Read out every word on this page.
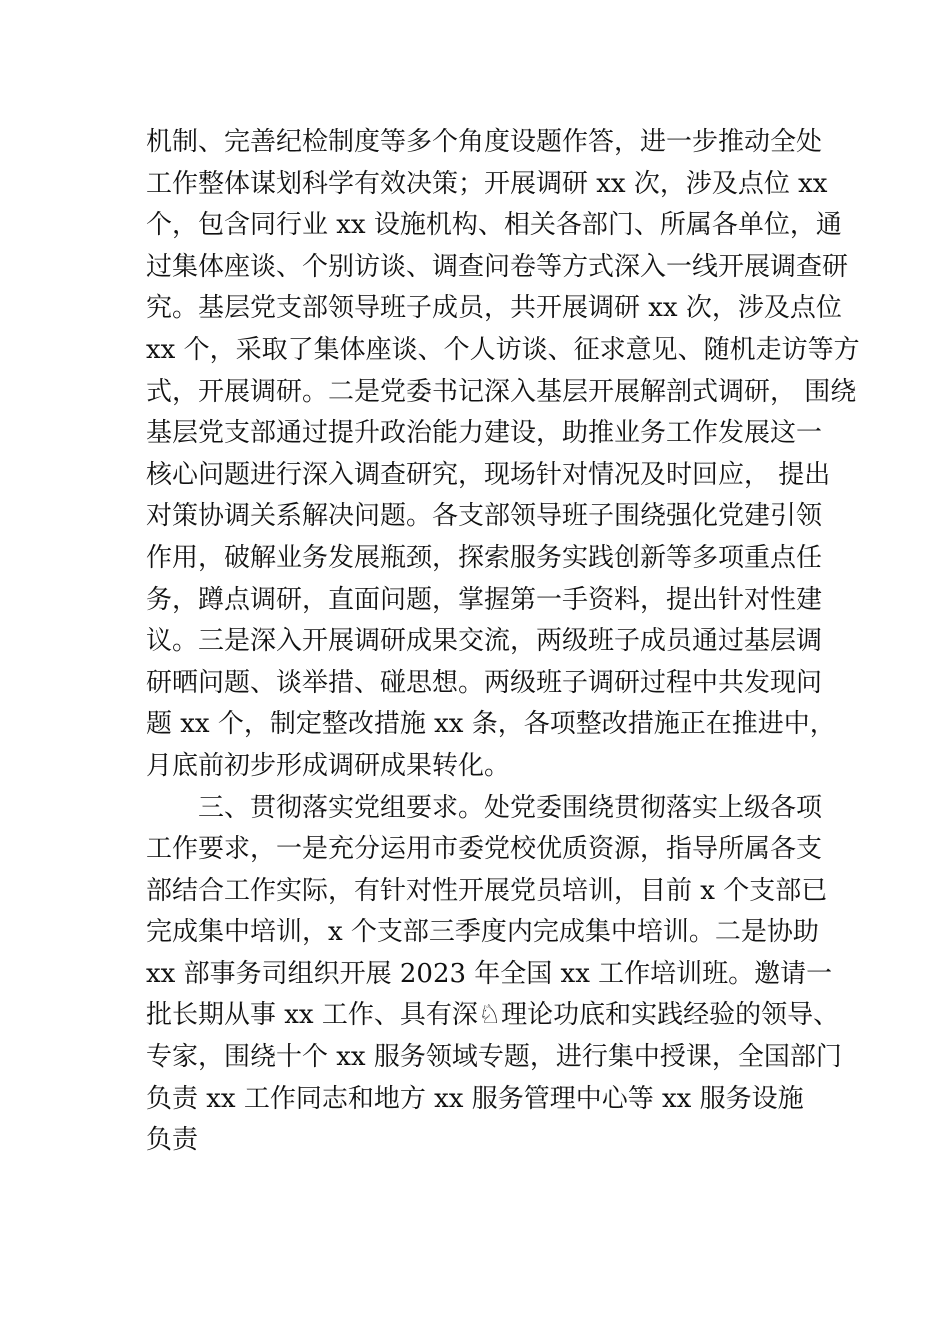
机制、完善纪检制度等多个角度设题作答，进一步推动全处
工作整体谋划科学有效决策；开展调研 xx 次，涉及点位 xx
个，包含同行业 xx 设施机构、相关各部门、所属各单位，通
过集体座谈、个别访谈、调查问卷等方式深入一线开展调查研
究。基层党支部领导班子成员，共开展调研 xx 次，涉及点位
xx 个，采取了集体座谈、个人访谈、征求意见、随机走访等方
式，开展调研。二是党委书记深入基层开展解剖式调研， 围绕
基层党支部通过提升政治能力建设，助推业务工作发展这一
核心问题进行深入调查研究，现场针对情况及时回应， 提出
对策协调关系解决问题。各支部领导班子围绕强化党建引领
作用，破解业务发展瓶颈，探索服务实践创新等多项重点任
务，蹲点调研，直面问题，掌握第一手资料，提出针对性建
议。三是深入开展调研成果交流，两级班子成员通过基层调
研晒问题、谈举措、碰思想。两级班子调研过程中共发现问
题 xx 个，制定整改措施 xx 条，各项整改措施正在推进中，
月底前初步形成调研成果转化。
三、贯彻落实党组要求。处党委围绕贯彻落实上级各项
工作要求，一是充分运用市委党校优质资源，指导所属各支
部结合工作实际，有针对性开展党员培训，目前 x 个支部已
完成集中培训，x 个支部三季度内完成集中培训。二是协助
xx 部事务司组织开展 2023 年全国 xx 工作培训班。邀请一
批长期从事 xx 工作、具有深♘理论功底和实践经验的领导、
专家，围绕十个 xx 服务领域专题，进行集中授课，全国部门
负责 xx 工作同志和地方 xx 服务管理中心等 xx 服务设施
负责
